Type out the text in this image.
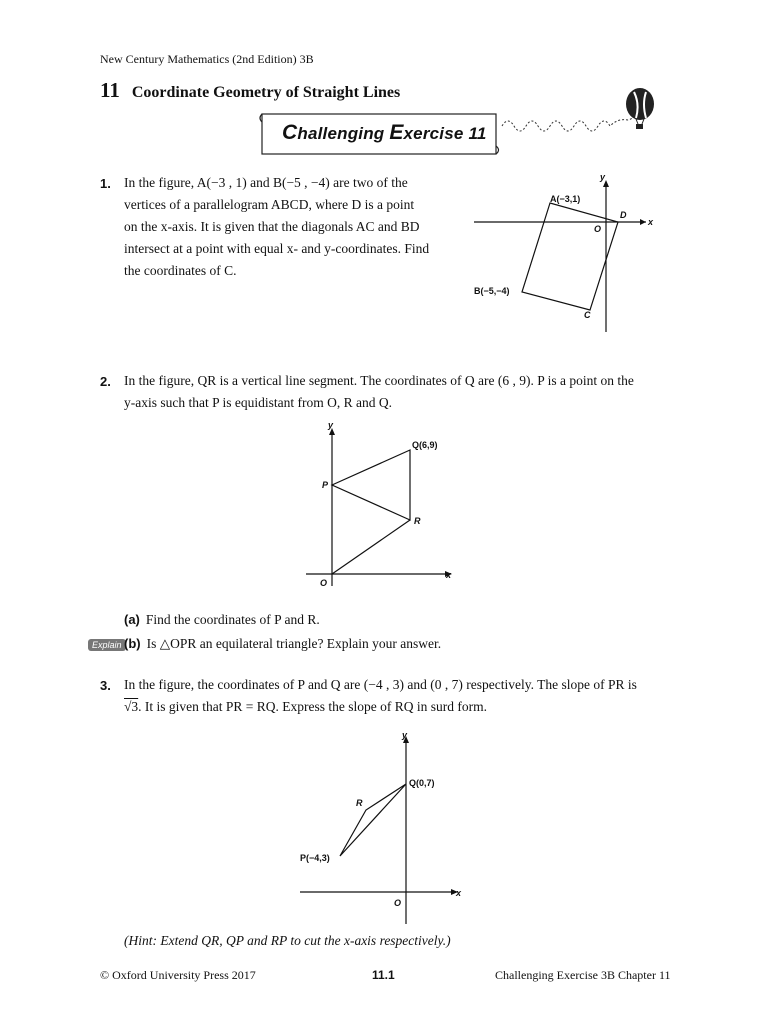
New Century Mathematics (2nd Edition) 3B
11 Coordinate Geometry of Straight Lines
Challenging Exercise 11
1. In the figure, A(−3 , 1) and B(−5 , −4) are two of the
vertices of a parallelogram ABCD, where D is a point
on the x-axis. It is given that the diagonals AC and BD
intersect at a point with equal x- and y-coordinates. Find
the coordinates of C.
A(−3,1)
B(−5,−4)
C
D
O
x
y
2. In the figure, QR is a vertical line segment. The coordinates of Q are (6 , 9). P is a point on the
y-axis such that P is equidistant from O, R and Q.
Q(6,9)
P
R
O
x
y
(a) Find the coordinates of P and R.
Explain (b) Is △OPR an equilateral triangle? Explain your answer.
3. In the figure, the coordinates of P and Q are (−4 , 3) and (0 , 7) respectively. The slope of PR is
√3. It is given that PR = RQ. Express the slope of RQ in surd form.
Q(0,7)
R
P(−4,3)
O
x
y
(Hint: Extend QR, QP and RP to cut the x-axis respectively.)
© Oxford University Press 2017	11.1	Challenging Exercise 3B Chapter 11
